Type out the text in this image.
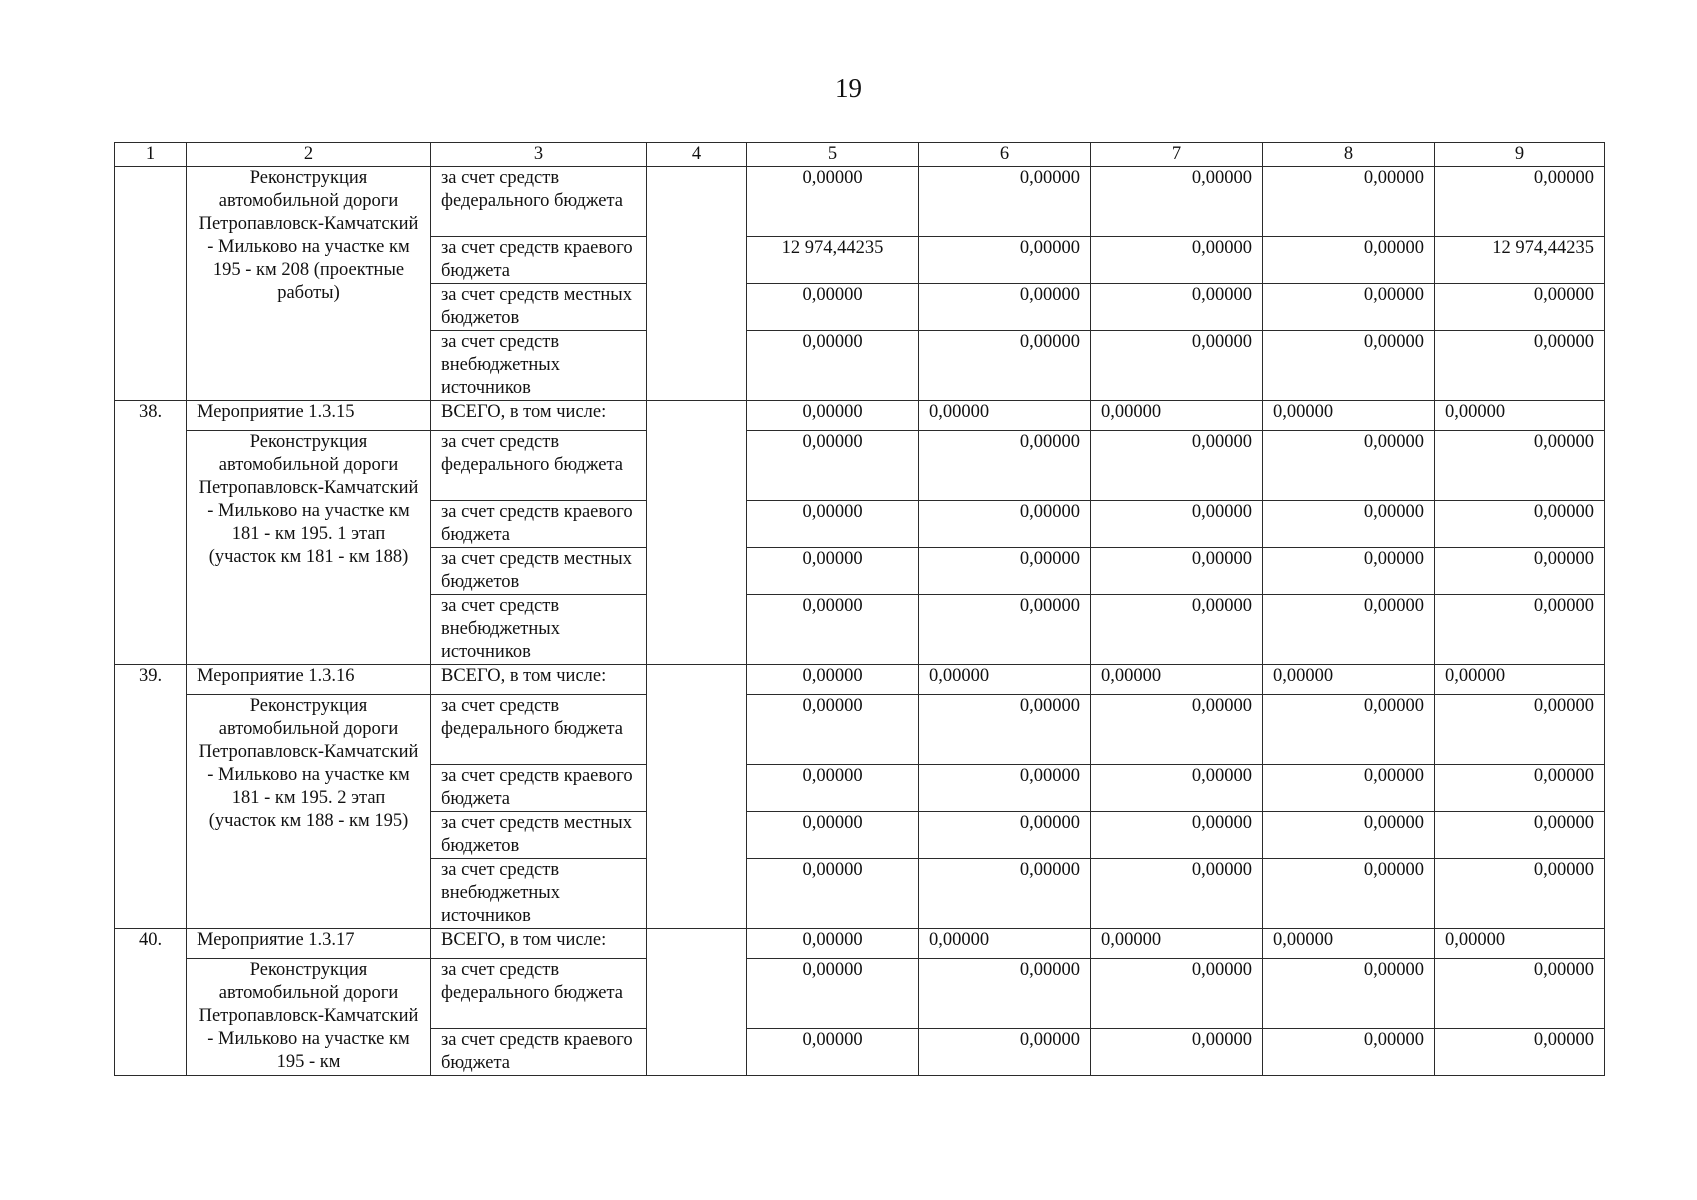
19
1	2	3	4	5	6	7	8	9
	Реконструкция автомобильной дороги Петропавловск-Камчатский - Мильково на участке км 195 - км 208 (проектные работы)	за счет средств федерального бюджета		0,00000	0,00000	0,00000	0,00000	0,00000
		за счет средств краевого бюджета		12 974,44235	0,00000	0,00000	0,00000	12 974,44235
		за счет средств местных бюджетов		0,00000	0,00000	0,00000	0,00000	0,00000
		за счет средств внебюджетных источников		0,00000	0,00000	0,00000	0,00000	0,00000
38.	Мероприятие 1.3.15	ВСЕГО, в том числе:		0,00000	0,00000	0,00000	0,00000	0,00000
	Реконструкция автомобильной дороги Петропавловск-Камчатский - Мильково на участке км 181 - км 195. 1 этап (участок км 181 - км 188)	за счет средств федерального бюджета		0,00000	0,00000	0,00000	0,00000	0,00000
		за счет средств краевого бюджета		0,00000	0,00000	0,00000	0,00000	0,00000
		за счет средств местных бюджетов		0,00000	0,00000	0,00000	0,00000	0,00000
		за счет средств внебюджетных источников		0,00000	0,00000	0,00000	0,00000	0,00000
39.	Мероприятие 1.3.16	ВСЕГО, в том числе:		0,00000	0,00000	0,00000	0,00000	0,00000
	Реконструкция автомобильной дороги Петропавловск-Камчатский - Мильково на участке км 181 - км 195. 2 этап (участок км 188 - км 195)	за счет средств федерального бюджета		0,00000	0,00000	0,00000	0,00000	0,00000
		за счет средств краевого бюджета		0,00000	0,00000	0,00000	0,00000	0,00000
		за счет средств местных бюджетов		0,00000	0,00000	0,00000	0,00000	0,00000
		за счет средств внебюджетных источников		0,00000	0,00000	0,00000	0,00000	0,00000
40.	Мероприятие 1.3.17	ВСЕГО, в том числе:		0,00000	0,00000	0,00000	0,00000	0,00000
	Реконструкция автомобильной дороги Петропавловск-Камчатский - Мильково на участке км 195 - км	за счет средств федерального бюджета		0,00000	0,00000	0,00000	0,00000	0,00000
		за счет средств краевого бюджета		0,00000	0,00000	0,00000	0,00000	0,00000
